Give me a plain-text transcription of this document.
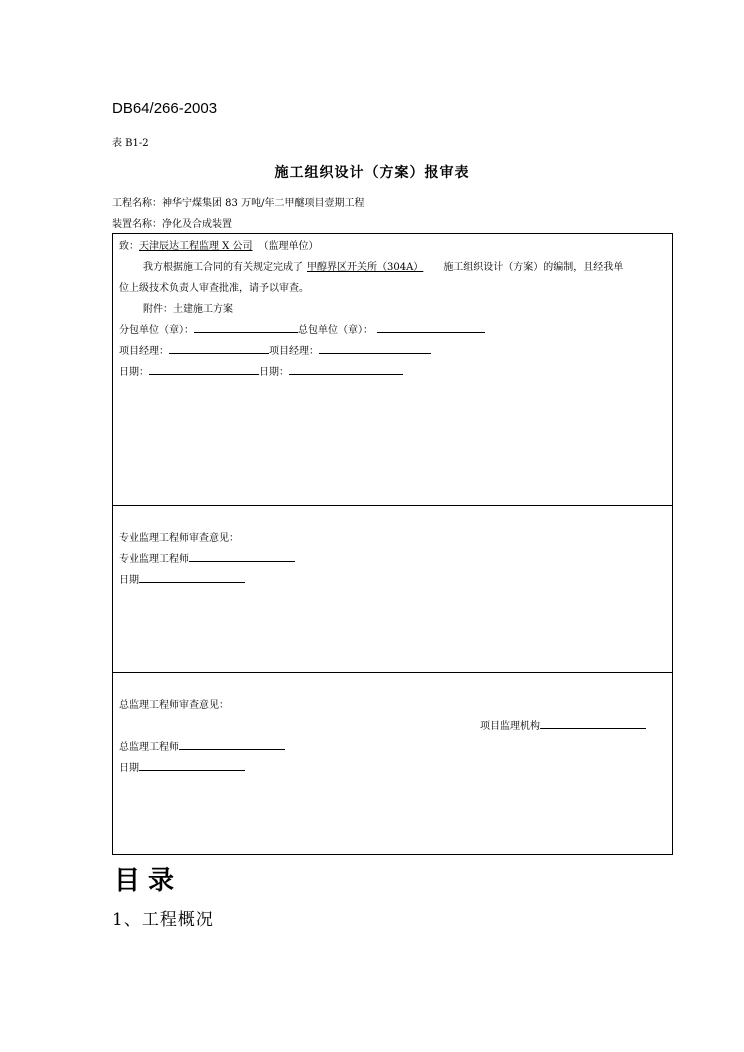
DB64/266-2003
表 B1-2
施工组织设计（方案）报审表
工程名称：神华宁煤集团 83 万吨/年二甲醚项目壹期工程
装置名称：净化及合成装置
致：天津辰达工程监理 X 公司 （监理单位）
我方根据施工合同的有关规定完成了 甲醇界区开关所（304A） 施工组织设计（方案）的编制，且经我单
位上级技术负责人审查批准，请予以审查。
附件：土建施工方案
分包单位（章）：	总包单位（章）：
项目经理：	项目经理：
日期：	日期：
专业监理工程师审查意见：
专业监理工程师
日期
总监理工程师审查意见：
项目监理机构
总监理工程师
日期
目录
1、工程概况
